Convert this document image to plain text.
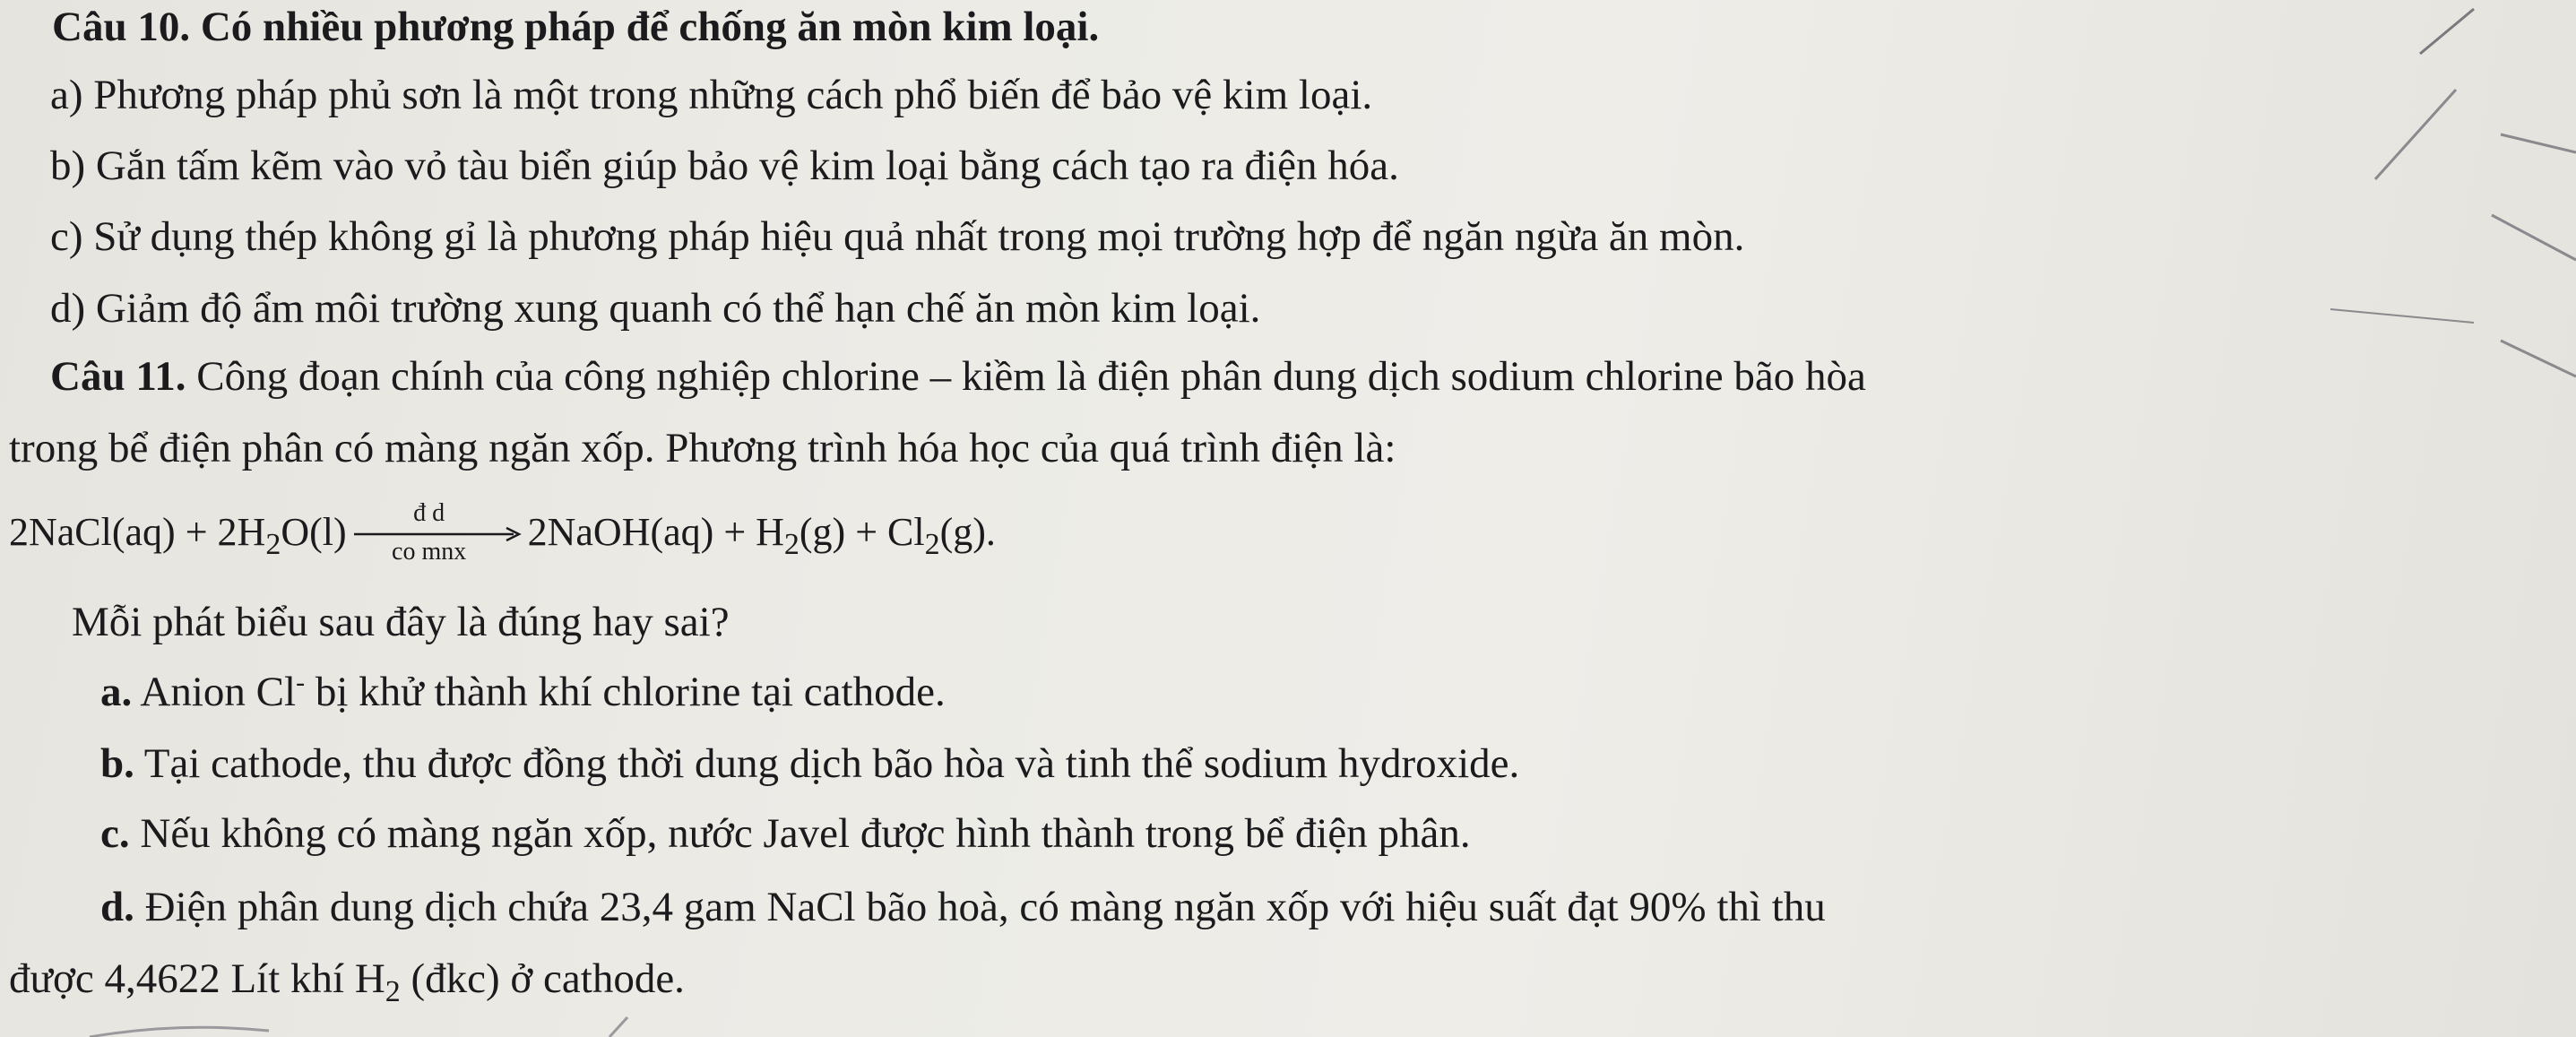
Câu 10. Có nhiều phương pháp để chống ăn mòn kim loại.
a) Phương pháp phủ sơn là một trong những cách phổ biến để bảo vệ kim loại.
b) Gắn tấm kẽm vào vỏ tàu biển giúp bảo vệ kim loại bằng cách tạo ra điện hóa.
c) Sử dụng thép không gỉ là phương pháp hiệu quả nhất trong mọi trường hợp để ngăn ngừa ăn mòn.
d) Giảm độ ẩm môi trường xung quanh có thể hạn chế ăn mòn kim loại.
Câu 11. Công đoạn chính của công nghiệp chlorine – kiềm là điện phân dung dịch sodium chlorine bão hòa
trong bể điện phân có màng ngăn xốp. Phương trình hóa học của quá trình điện là:
2NaCl(aq) + $2H_2O(l)$	đ d
co mnx	2NaOH(aq) + $H_2(g) + Cl_2(g)$.
Mỗi phát biểu sau đây là đúng hay sai?
a. Anion Cl- bị khử thành khí chlorine tại cathode.
b. Tại cathode, thu được đồng thời dung dịch bão hòa và tinh thể sodium hydroxide.
c. Nếu không có màng ngăn xốp, nước Javel được hình thành trong bể điện phân.
d. Điện phân dung dịch chứa 23,4 gam NaCl bão hoà, có màng ngăn xốp với hiệu suất đạt 90% thì thu
được 4,4622 Lít khí $H_2$ (đkc) ở cathode.
